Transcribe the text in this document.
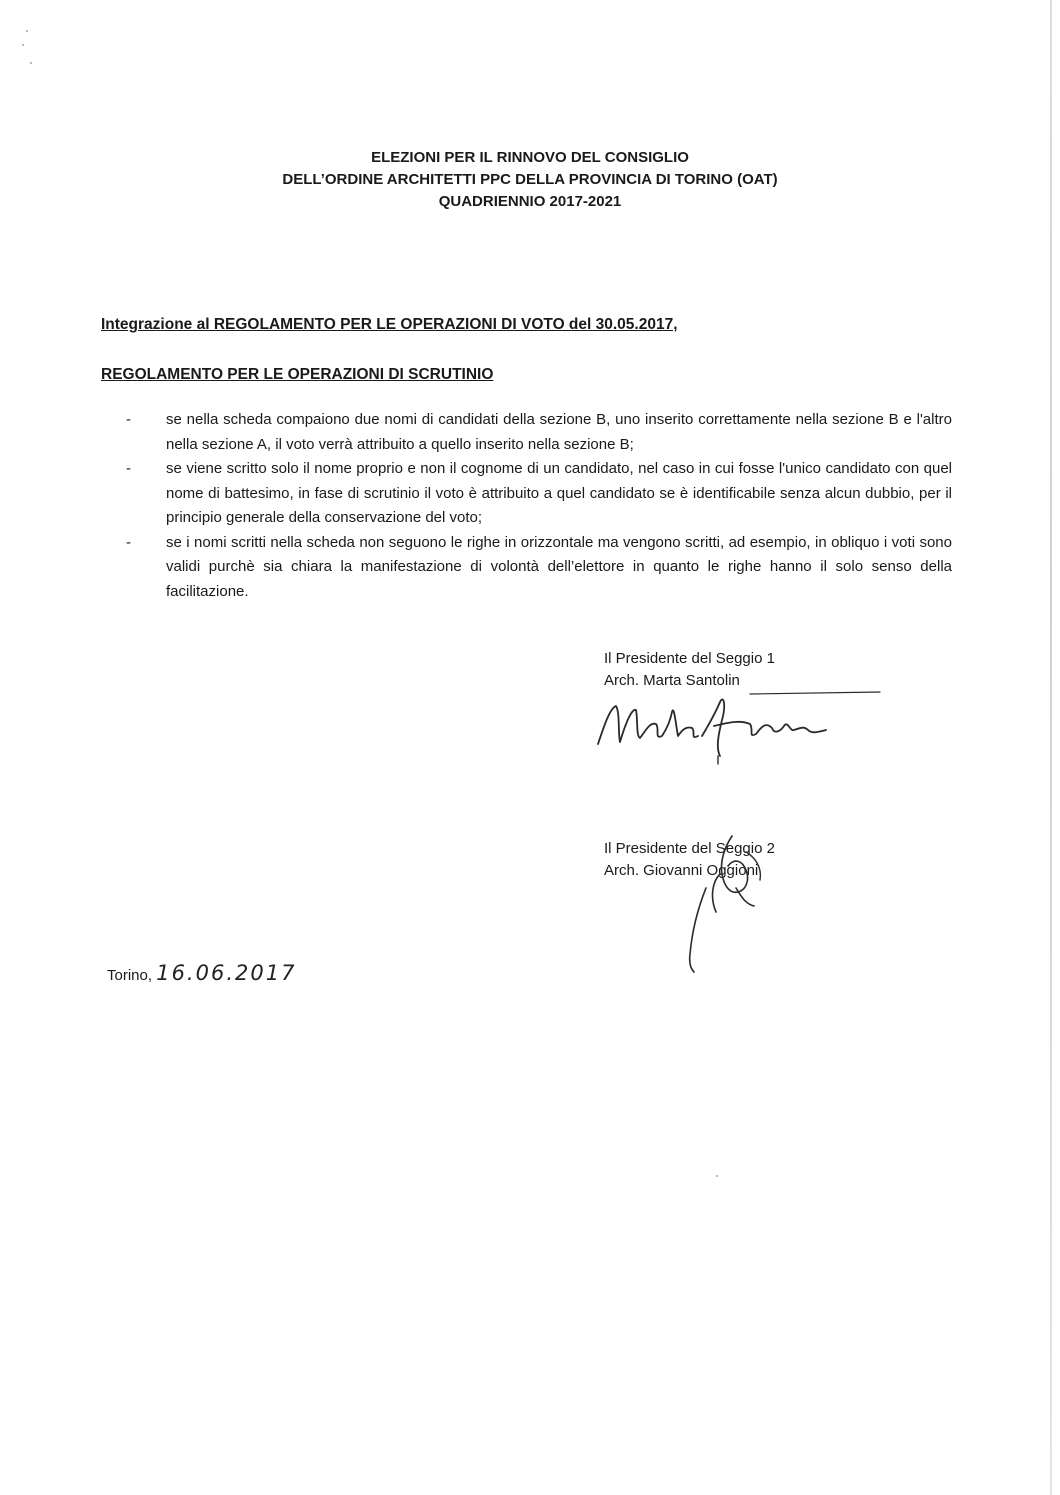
ELEZIONI PER IL RINNOVO DEL CONSIGLIO
DELL’ORDINE ARCHITETTI PPC DELLA PROVINCIA DI TORINO (OAT)
QUADRIENNIO 2017-2021
Integrazione al REGOLAMENTO PER LE OPERAZIONI DI VOTO del 30.05.2017,
REGOLAMENTO PER LE OPERAZIONI DI SCRUTINIO
- se nella scheda compaiono due nomi di candidati della sezione B, uno inserito correttamente nella sezione B e l'altro nella sezione A, il voto verrà attribuito a quello inserito nella sezione B;
- se viene scritto solo il nome proprio e non il cognome di un candidato, nel caso in cui fosse l'unico candidato con quel nome di battesimo, in fase di scrutinio il voto è attribuito a quel candidato se è identificabile senza alcun dubbio, per il principio generale della conservazione del voto;
- se i nomi scritti nella scheda non seguono le righe in orizzontale ma vengono scritti, ad esempio, in obliquo i voti sono validi purchè sia chiara la manifestazione di volontà dell’elettore in quanto le righe hanno il solo senso della facilitazione.
Il Presidente del Seggio 1
Arch. Marta Santolin
Il Presidente del Seggio 2
Arch. Giovanni Oggioni
Torino, 16.06.2017
